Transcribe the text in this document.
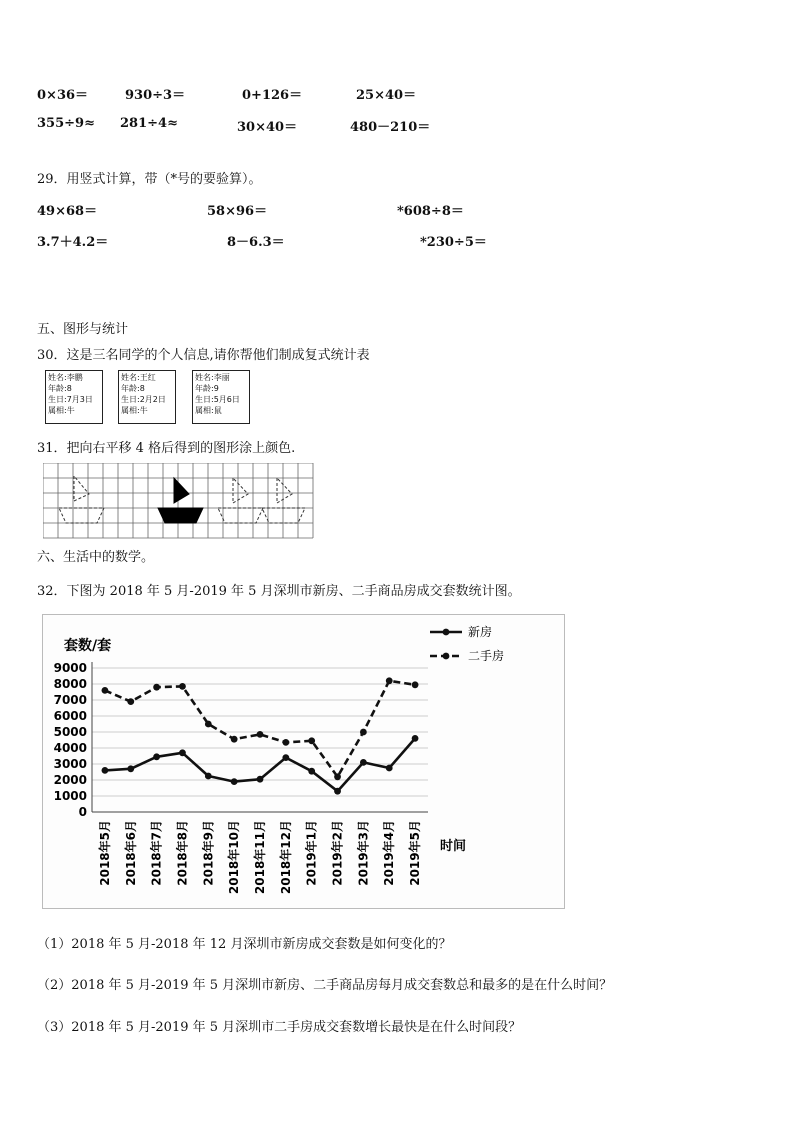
0×36＝	930÷3＝	0+126＝	25×40＝
355÷9≈ 281÷4≈	30×40＝	480－210＝
29．用竖式计算，带（*号的要验算）。
49×68＝	58×96＝	*608÷8＝
3.7＋4.2＝	8－6.3＝	*230÷5＝
五、图形与统计
30．这是三名同学的个人信息,请你帮他们制成复式统计表
姓名:李鹏
年龄:8
生日:7月3日
属相:牛
姓名:王红
年龄:8
生日:2月2日
属相:牛
姓名:李丽
年龄:9
生日:5月6日
属相:鼠
31．把向右平移 4 格后得到的图形涂上颜色.
六、生活中的数学。
32．下图为 2018 年 5 月-2019 年 5 月深圳市新房、二手商品房成交套数统计图。
套数/套
时间
0
1000
2000
3000
4000
5000
6000
7000
8000
9000
2018年5月 2018年6月 2018年7月 2018年8月 2018年9月 2018年10月 2018年11月 2018年12月 2019年1月 2019年2月 2019年3月 2019年4月 2019年5月
新房
二手房
（1）2018 年 5 月-2018 年 12 月深圳市新房成交套数是如何变化的？
（2）2018 年 5 月-2019 年 5 月深圳市新房、二手商品房每月成交套数总和最多的是在什么时间？
（3）2018 年 5 月-2019 年 5 月深圳市二手房成交套数增长最快是在什么时间段？
